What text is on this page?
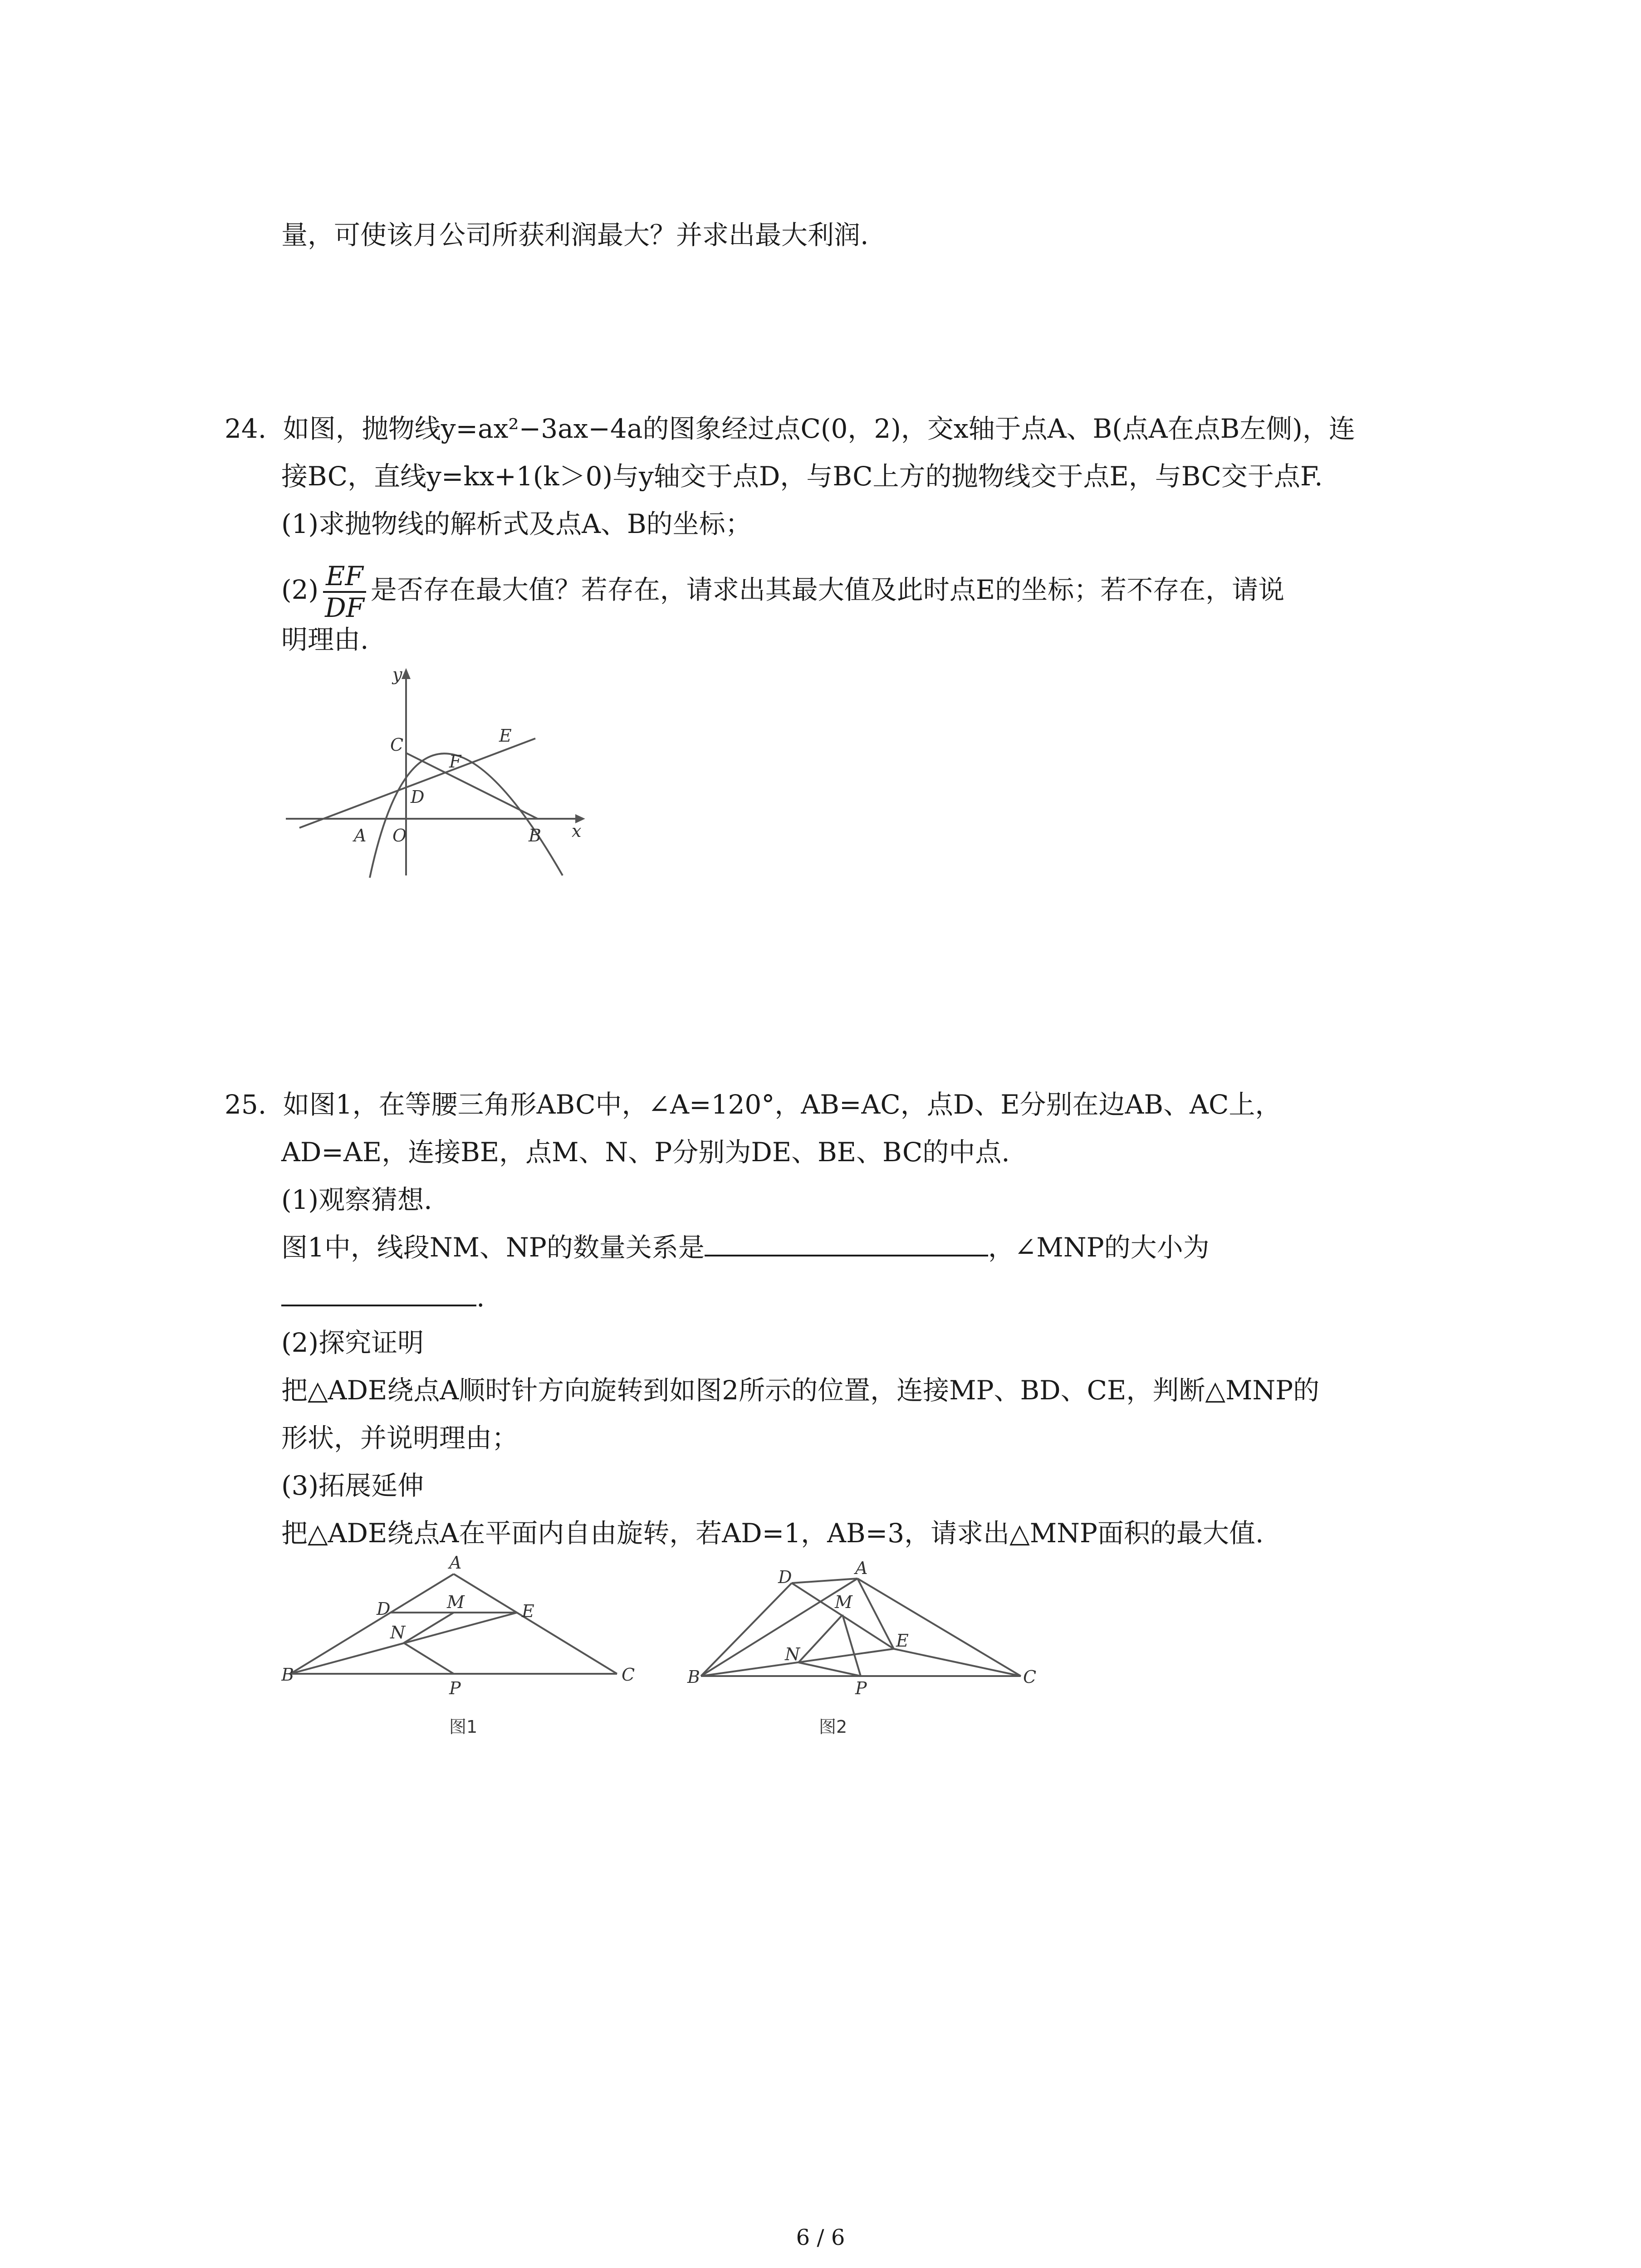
量，可使该月公司所获利润最大？并求出最大利润.
24. 如图，抛物线y=ax²−3ax−4a的图象经过点C(0，2)，交x轴于点A、B(点A在点B左侧)，连
接BC，直线y=kx+1(k＞0)与y轴交于点D，与BC上方的抛物线交于点E，与BC交于点F.
(1)求抛物线的解析式及点A、B的坐标；
$(2) \frac{EF}{DF}$ 是否存在最大值？若存在，请求出其最大值及此时点E的坐标；若不存在，请说
明理由.
y
C	E
F
D
A O	B x
25. 如图1，在等腰三角形ABC中，∠A=120°，AB=AC，点D、E分别在边AB、AC上，
AD=AE，连接BE，点M、N、P分别为DE、BE、BC的中点.
(1)观察猜想.
图1中，线段NM、NP的数量关系是	，∠MNP的大小为
.
(2)探究证明
把△ADE绕点A顺时针方向旋转到如图2所示的位置，连接MP、BD、CE，判断△MNP的
形状，并说明理由；
(3)拓展延伸
把△ADE绕点A在平面内自由旋转，若AD=1，AB=3，请求出△MNP面积的最大值.
A
D	M	E
N
B
P
C
图1
D	A
M
N
E
B
P
C
图2
6 / 6
